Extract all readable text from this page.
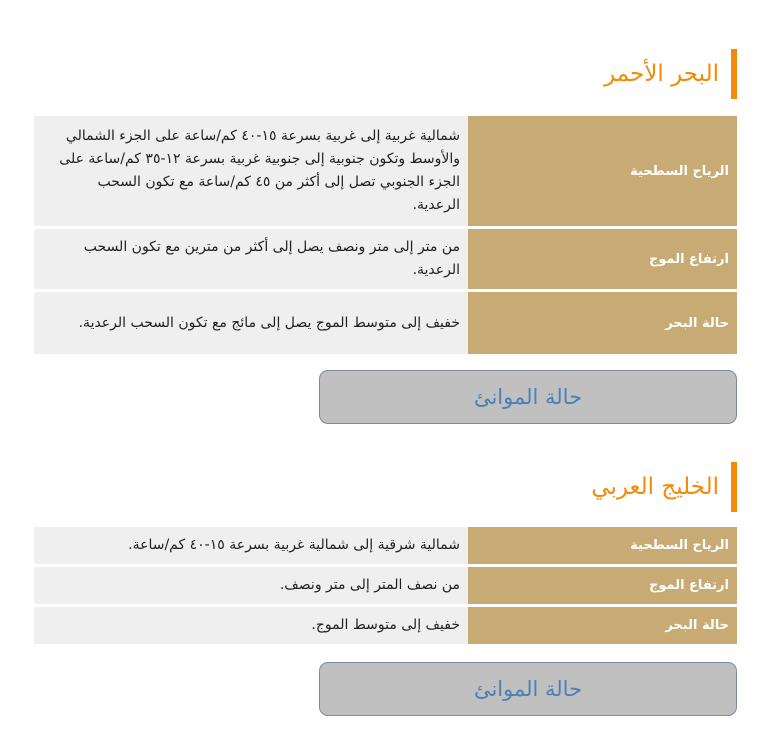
البحر الأحمر
الرياح السطحية	شمالية غربية إلى غربية بسرعة ١٥-٤٠ كم/ساعة على الجزء الشمالي والأوسط وتكون جنوبية إلى جنوبية غربية بسرعة ١٢-٣٥ كم/ساعة على الجزء الجنوبي تصل إلى أكثر من ٤٥ كم/ساعة مع تكون السحب الرعدية.

ارتفاع الموج	من متر إلى متر ونصف يصل إلى أكثر من مترين مع تكون السحب الرعدية.

حالة البحر	خفيف إلى متوسط الموج يصل إلى مائج مع تكون السحب الرعدية.
حالة الموانئ
الخليج العربي
الرياح السطحية	شمالية شرقية إلى شمالية غربية بسرعة ١٥-٤٠ كم/ساعة.

ارتفاع الموج	من نصف المتر إلى متر ونصف.

حالة البحر	خفيف إلى متوسط الموج.
حالة الموانئ
